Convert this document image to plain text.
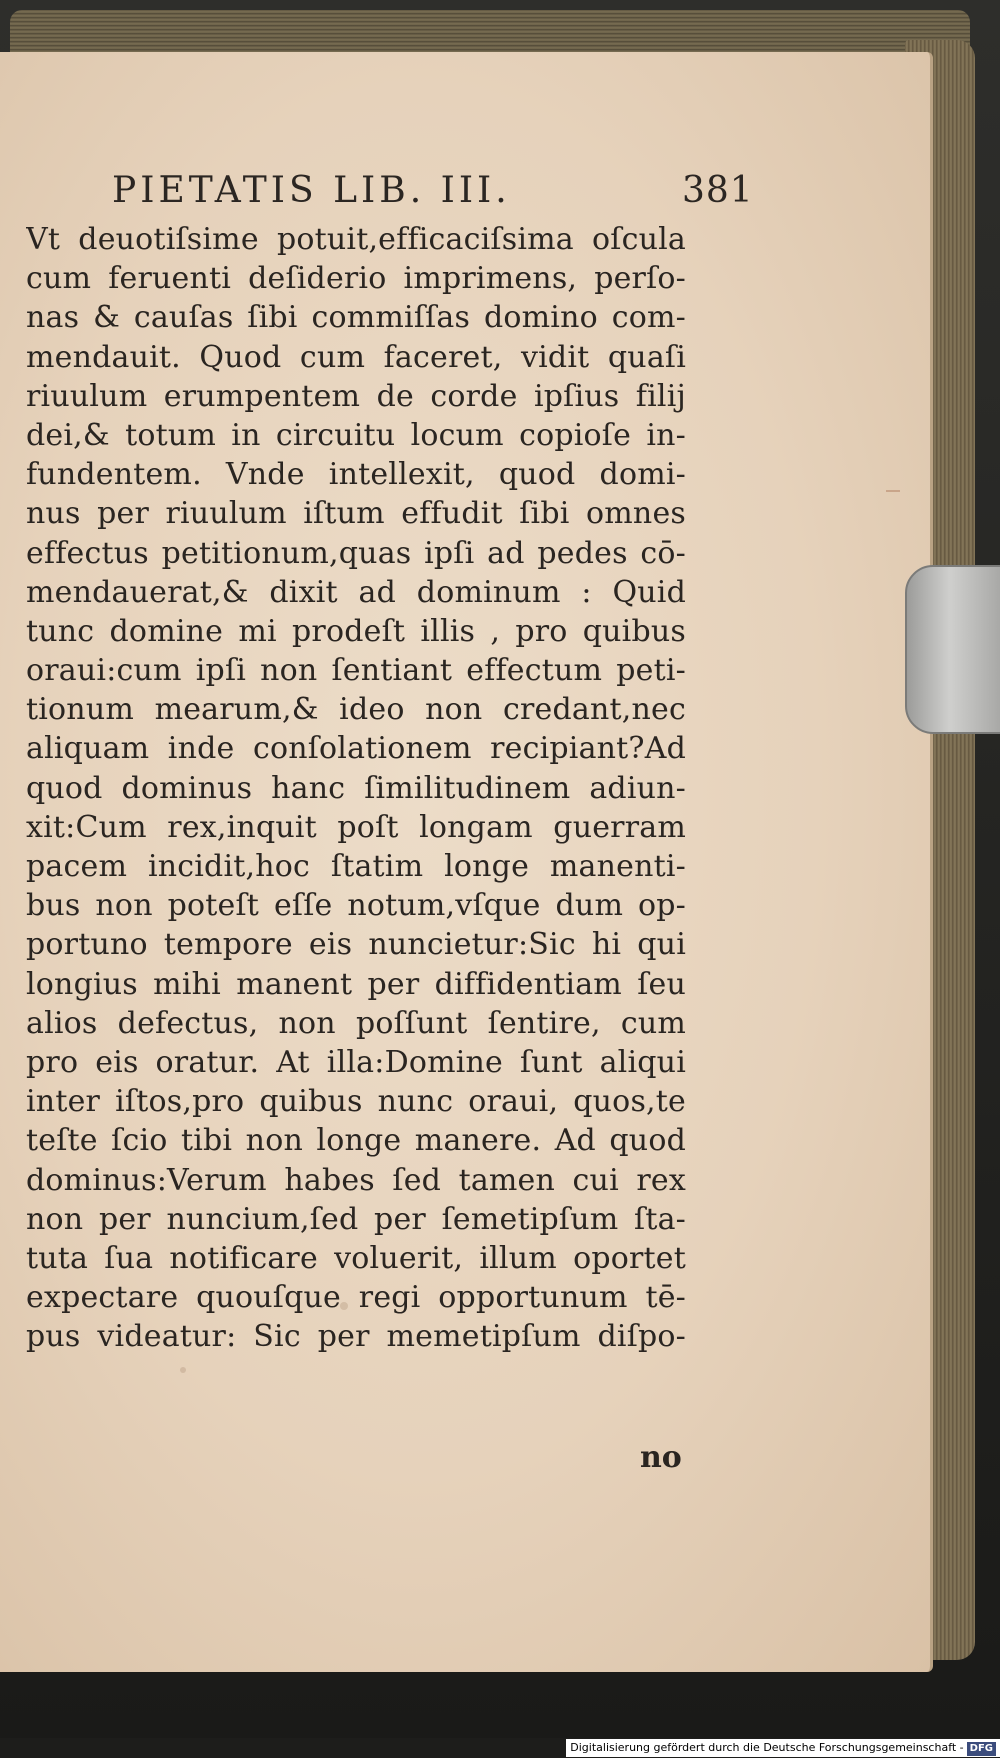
PIETATIS LIB. III.	381
Vt deuotiſsime potuit,efficaciſsima oſcula
cum feruenti deſiderio imprimens, perſo-
nas & cauſas ſibi commiſſas domino com-
mendauit. Quod cum faceret, vidit quaſi
riuulum erumpentem de corde ipſius filij
dei,& totum in circuitu locum copioſe in-
fundentem. Vnde intellexit, quod domi-
nus per riuulum iſtum effudit ſibi omnes
effectus petitionum,quas ipſi ad pedes cō-
mendauerat,& dixit ad dominum : Quid
tunc domine mi prodeſt illis , pro quibus
oraui:cum ipſi non ſentiant effectum peti-
tionum mearum,& ideo non credant,nec
aliquam inde conſolationem recipiant?Ad
quod dominus hanc ſimilitudinem adiun-
xit:Cum rex,inquit poſt longam guerram
pacem incidit,hoc ſtatim longe manenti-
bus non poteſt eſſe notum,vſque dum op-
portuno tempore eis nuncietur:Sic hi qui
longius mihi manent per diffidentiam ſeu
alios defectus, non poſſunt ſentire, cum
pro eis oratur. At illa:Domine ſunt aliqui
inter iſtos,pro quibus nunc oraui, quos,te
teſte ſcio tibi non longe manere. Ad quod
dominus:Verum habes ſed tamen cui rex
non per nuncium,ſed per ſemetipſum ſta-
tuta ſua notificare voluerit, illum oportet
expectare quouſque regi opportunum tē-
pus videatur: Sic per memetipſum diſpo-
no
Digitalisierung gefördert durch die Deutsche Forschungsgemeinschaft - DFG
